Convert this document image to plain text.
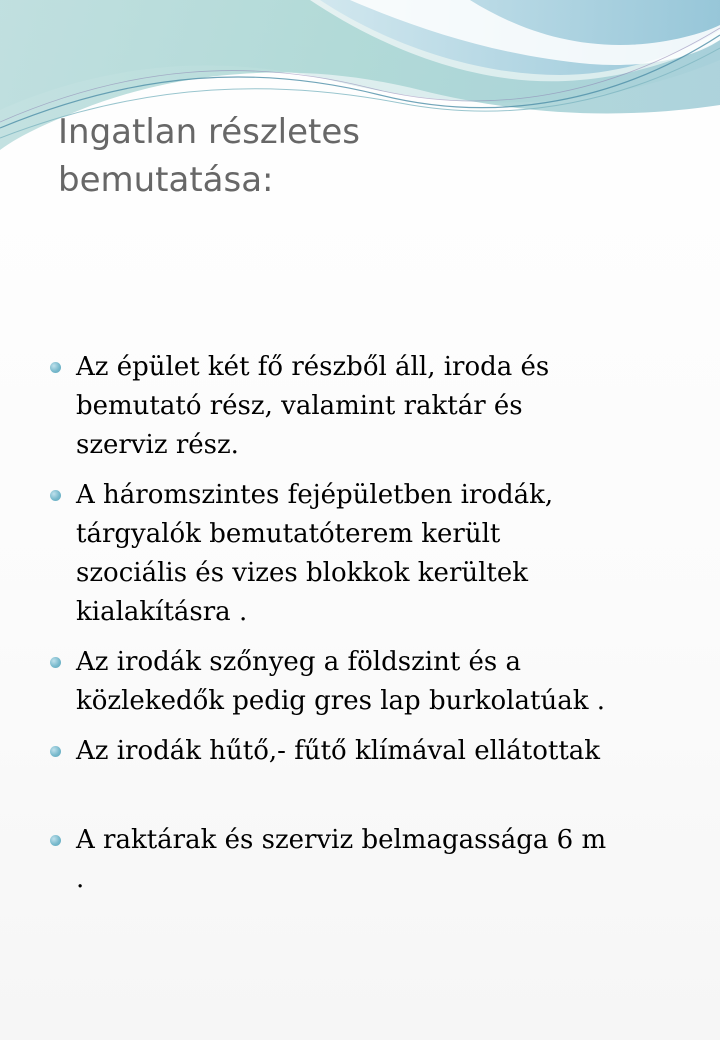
Ingatlan részletes
bemutatása:
Az épület két fő részből áll, iroda és
bemutató rész, valamint raktár és
szerviz rész.
A háromszintes fejépületben irodák,
tárgyalók bemutatóterem került
szociális és vizes blokkok kerültek
kialakításra .
Az irodák szőnyeg a földszint és a
közlekedők pedig gres lap burkolatúak .
Az irodák hűtő,- fűtő klímával ellátottak
A raktárak és szerviz belmagassága 6 m
.
